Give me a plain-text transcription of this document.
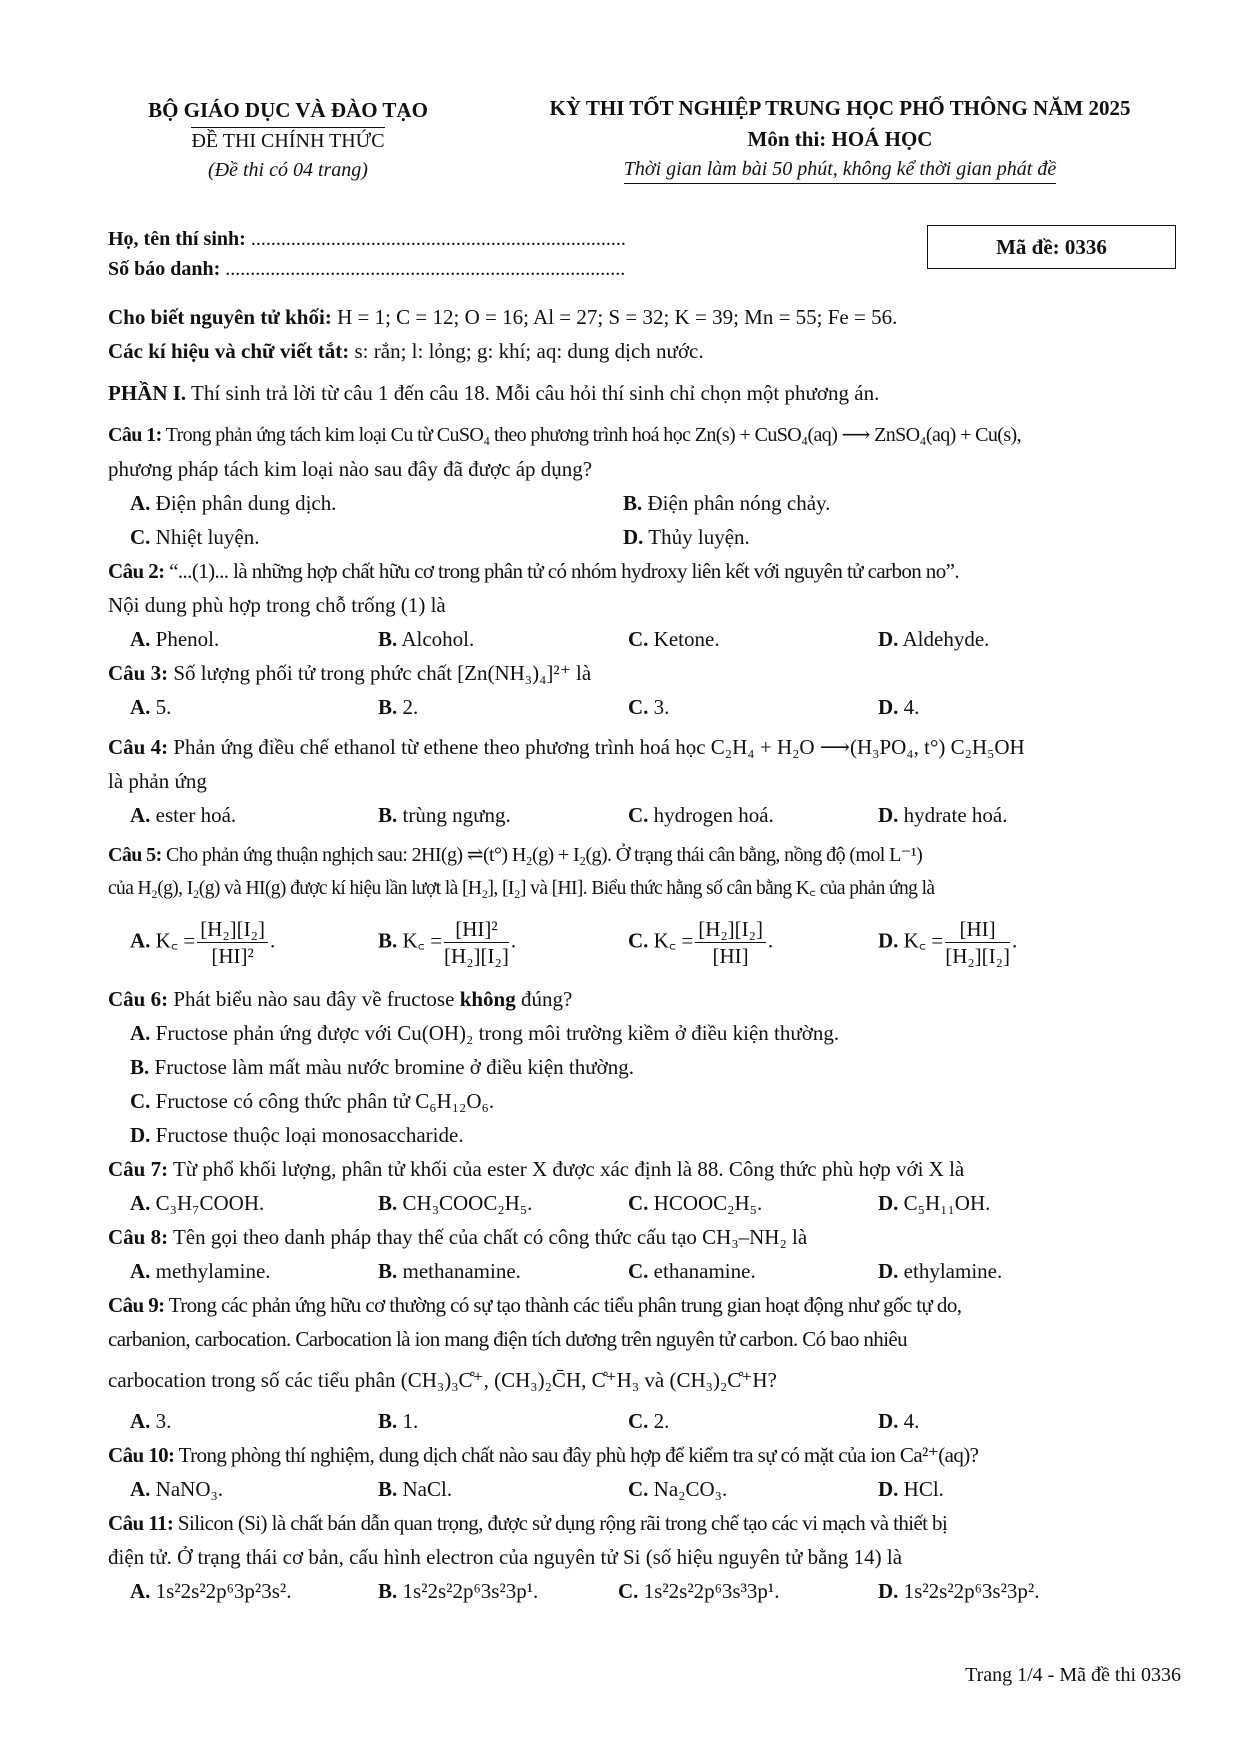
BỘ GIÁO DỤC VÀ ĐÀO TẠO
ĐỀ THI CHÍNH THỨC
(Đề thi có 04 trang)
KỲ THI TỐT NGHIỆP TRUNG HỌC PHỔ THÔNG NĂM 2025
Môn thi: HOÁ HỌC
Thời gian làm bài 50 phút, không kể thời gian phát đề
Họ, tên thí sinh: ...........................................................................
Số báo danh: ................................................................................
Mã đề: 0336
Cho biết nguyên tử khối: H = 1; C = 12; O = 16; Al = 27; S = 32; K = 39; Mn = 55; Fe = 56.
Các kí hiệu và chữ viết tắt: s: rắn; l: lỏng; g: khí; aq: dung dịch nước.
PHẦN I. Thí sinh trả lời từ câu 1 đến câu 18. Mỗi câu hỏi thí sinh chỉ chọn một phương án.
Câu 1: Trong phản ứng tách kim loại Cu từ CuSO₄ theo phương trình hoá học Zn(s) + CuSO₄(aq) ⟶ ZnSO₄(aq) + Cu(s),
phương pháp tách kim loại nào sau đây đã được áp dụng?
A. Điện phân dung dịch.	B. Điện phân nóng chảy.
C. Nhiệt luyện.	D. Thủy luyện.
Câu 2: “...(1)... là những hợp chất hữu cơ trong phân tử có nhóm hydroxy liên kết với nguyên tử carbon no”.
Nội dung phù hợp trong chỗ trống (1) là
A. Phenol.	B. Alcohol.	C. Ketone.	D. Aldehyde.
Câu 3: Số lượng phối tử trong phức chất [Zn(NH₃)₄]²⁺ là
A. 5.	B. 2.	C. 3.	D. 4.
Câu 4: Phản ứng điều chế ethanol từ ethene theo phương trình hoá học C₂H₄ + H₂O ⟶(H₃PO₄, t°) C₂H₅OH
là phản ứng
A. ester hoá.	B. trùng ngưng.	C. hydrogen hoá.	D. hydrate hoá.
Câu 5: Cho phản ứng thuận nghịch sau: 2HI(g) ⇌(t°) H₂(g) + I₂(g). Ở trạng thái cân bằng, nồng độ (mol L⁻¹)
của H₂(g), I₂(g) và HI(g) được kí hiệu lần lượt là [H₂], [I₂] và [HI]. Biểu thức hằng số cân bằng K꜀ của phản ứng là
A. K꜀ = $\frac{\text{[H₂][I₂]}}{\text{[HI]²}}$ .	B. K꜀ = $\frac{\text{[HI]²}}{\text{[H₂][I₂]}}$ .	C. K꜀ = $\frac{\text{[H₂][I₂]}}{[HI]}$ .	D. K꜀ = $\frac{[HI]}{\text{[H₂][I₂]}}$ .
Câu 6: Phát biểu nào sau đây về fructose không đúng?
A. Fructose phản ứng được với Cu(OH)₂ trong môi trường kiềm ở điều kiện thường.
B. Fructose làm mất màu nước bromine ở điều kiện thường.
C. Fructose có công thức phân tử C₆H₁₂O₆.
D. Fructose thuộc loại monosaccharide.
Câu 7: Từ phổ khối lượng, phân tử khối của ester X được xác định là 88. Công thức phù hợp với X là
A. C₃H₇COOH.	B. CH₃COOC₂H₅.	C. HCOOC₂H₅.	D. C₅H₁₁OH.
Câu 8: Tên gọi theo danh pháp thay thế của chất có công thức cấu tạo CH₃–NH₂ là
A. methylamine.	B. methanamine.	C. ethanamine.	D. ethylamine.
Câu 9: Trong các phản ứng hữu cơ thường có sự tạo thành các tiểu phân trung gian hoạt động như gốc tự do,
carbanion, carbocation. Carbocation là ion mang điện tích dương trên nguyên tử carbon. Có bao nhiêu
carbocation trong số các tiểu phân (CH₃)₃C̊⁺, (CH₃)₂C̄H, C̊⁺H₃ và (CH₃)₂C̊⁺H?
A. 3.	B. 1.	C. 2.	D. 4.
Câu 10: Trong phòng thí nghiệm, dung dịch chất nào sau đây phù hợp để kiểm tra sự có mặt của ion Ca²⁺(aq)?
A. NaNO₃.	B. NaCl.	C. Na₂CO₃.	D. HCl.
Câu 11: Silicon (Si) là chất bán dẫn quan trọng, được sử dụng rộng rãi trong chế tạo các vi mạch và thiết bị
điện tử. Ở trạng thái cơ bản, cấu hình electron của nguyên tử Si (số hiệu nguyên tử bằng 14) là
A. 1s²2s²2p⁶3p²3s².	B. 1s²2s²2p⁶3s²3p¹.	C. 1s²2s²2p⁶3s³3p¹.	D. 1s²2s²2p⁶3s²3p².
Trang 1/4 - Mã đề thi 0336
